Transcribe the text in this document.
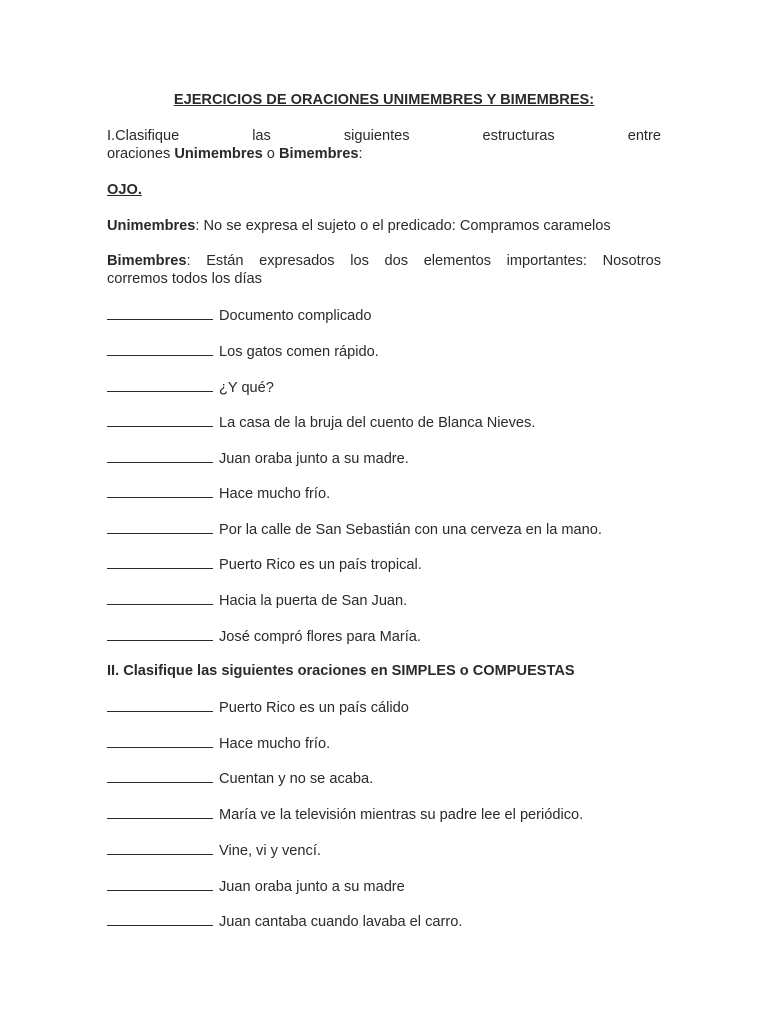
EJERCICIOS DE ORACIONES UNIMEMBRES Y BIMEMBRES:
I.Clasifique	las	siguientes	estructuras	entre
oraciones Unimembres o Bimembres:
OJO.
Unimembres: No se expresa el sujeto o el predicado: Compramos caramelos
Bimembres: Están expresados los dos elementos importantes: Nosotros
corremos todos los días
Documento complicado
Los gatos comen rápido.
¿Y qué?
La casa de la bruja del cuento de Blanca Nieves.
Juan oraba junto a su madre.
Hace mucho frío.
Por la calle de San Sebastián con una cerveza en la mano.
Puerto Rico es un país tropical.
Hacia la puerta de San Juan.
José compró flores para María.
II. Clasifique las siguientes oraciones en SIMPLES o COMPUESTAS
Puerto Rico es un país cálido
Hace mucho frío.
Cuentan y no se acaba.
María ve la televisión mientras su padre lee el periódico.
Vine, vi y vencí.
Juan oraba junto a su madre
Juan cantaba cuando lavaba el carro.
